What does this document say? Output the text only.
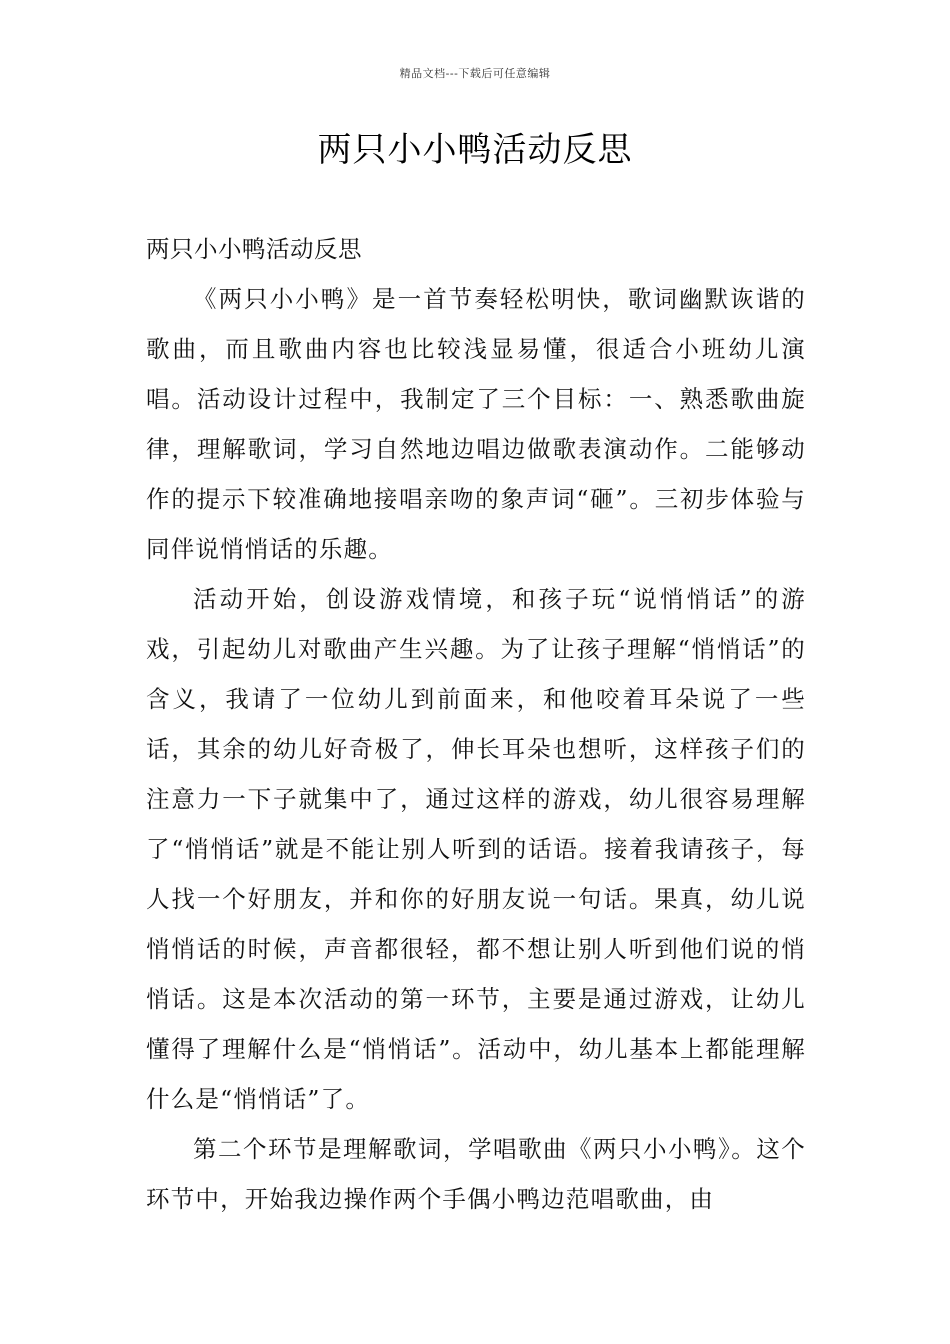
精品文档---下载后可任意编辑
两只小小鸭活动反思

两只小小鸭活动反思

《两只小小鸭》是一首节奏轻松明快，歌词幽默诙谐的歌曲，而且歌曲内容也比较浅显易懂，很适合小班幼儿演唱。活动设计过程中，我制定了三个目标：一、熟悉歌曲旋律，理解歌词，学习自然地边唱边做歌表演动作。二能够动作的提示下较准确地接唱亲吻的象声词“砸”。三初步体验与同伴说悄悄话的乐趣。

活动开始，创设游戏情境，和孩子玩“说悄悄话”的游戏，引起幼儿对歌曲产生兴趣。为了让孩子理解“悄悄话”的含义，我请了一位幼儿到前面来，和他咬着耳朵说了一些话，其余的幼儿好奇极了，伸长耳朵也想听，这样孩子们的注意力一下子就集中了，通过这样的游戏，幼儿很容易理解了“悄悄话”就是不能让别人听到的话语。接着我请孩子，每人找一个好朋友，并和你的好朋友说一句话。果真，幼儿说悄悄话的时候，声音都很轻，都不想让别人听到他们说的悄悄话。这是本次活动的第一环节，主要是通过游戏，让幼儿懂得了理解什么是“悄悄话”。活动中，幼儿基本上都能理解什么是“悄悄话”了。

第二个环节是理解歌词，学唱歌曲《两只小小鸭》。这个环节中，开始我边操作两个手偶小鸭边范唱歌曲，由
